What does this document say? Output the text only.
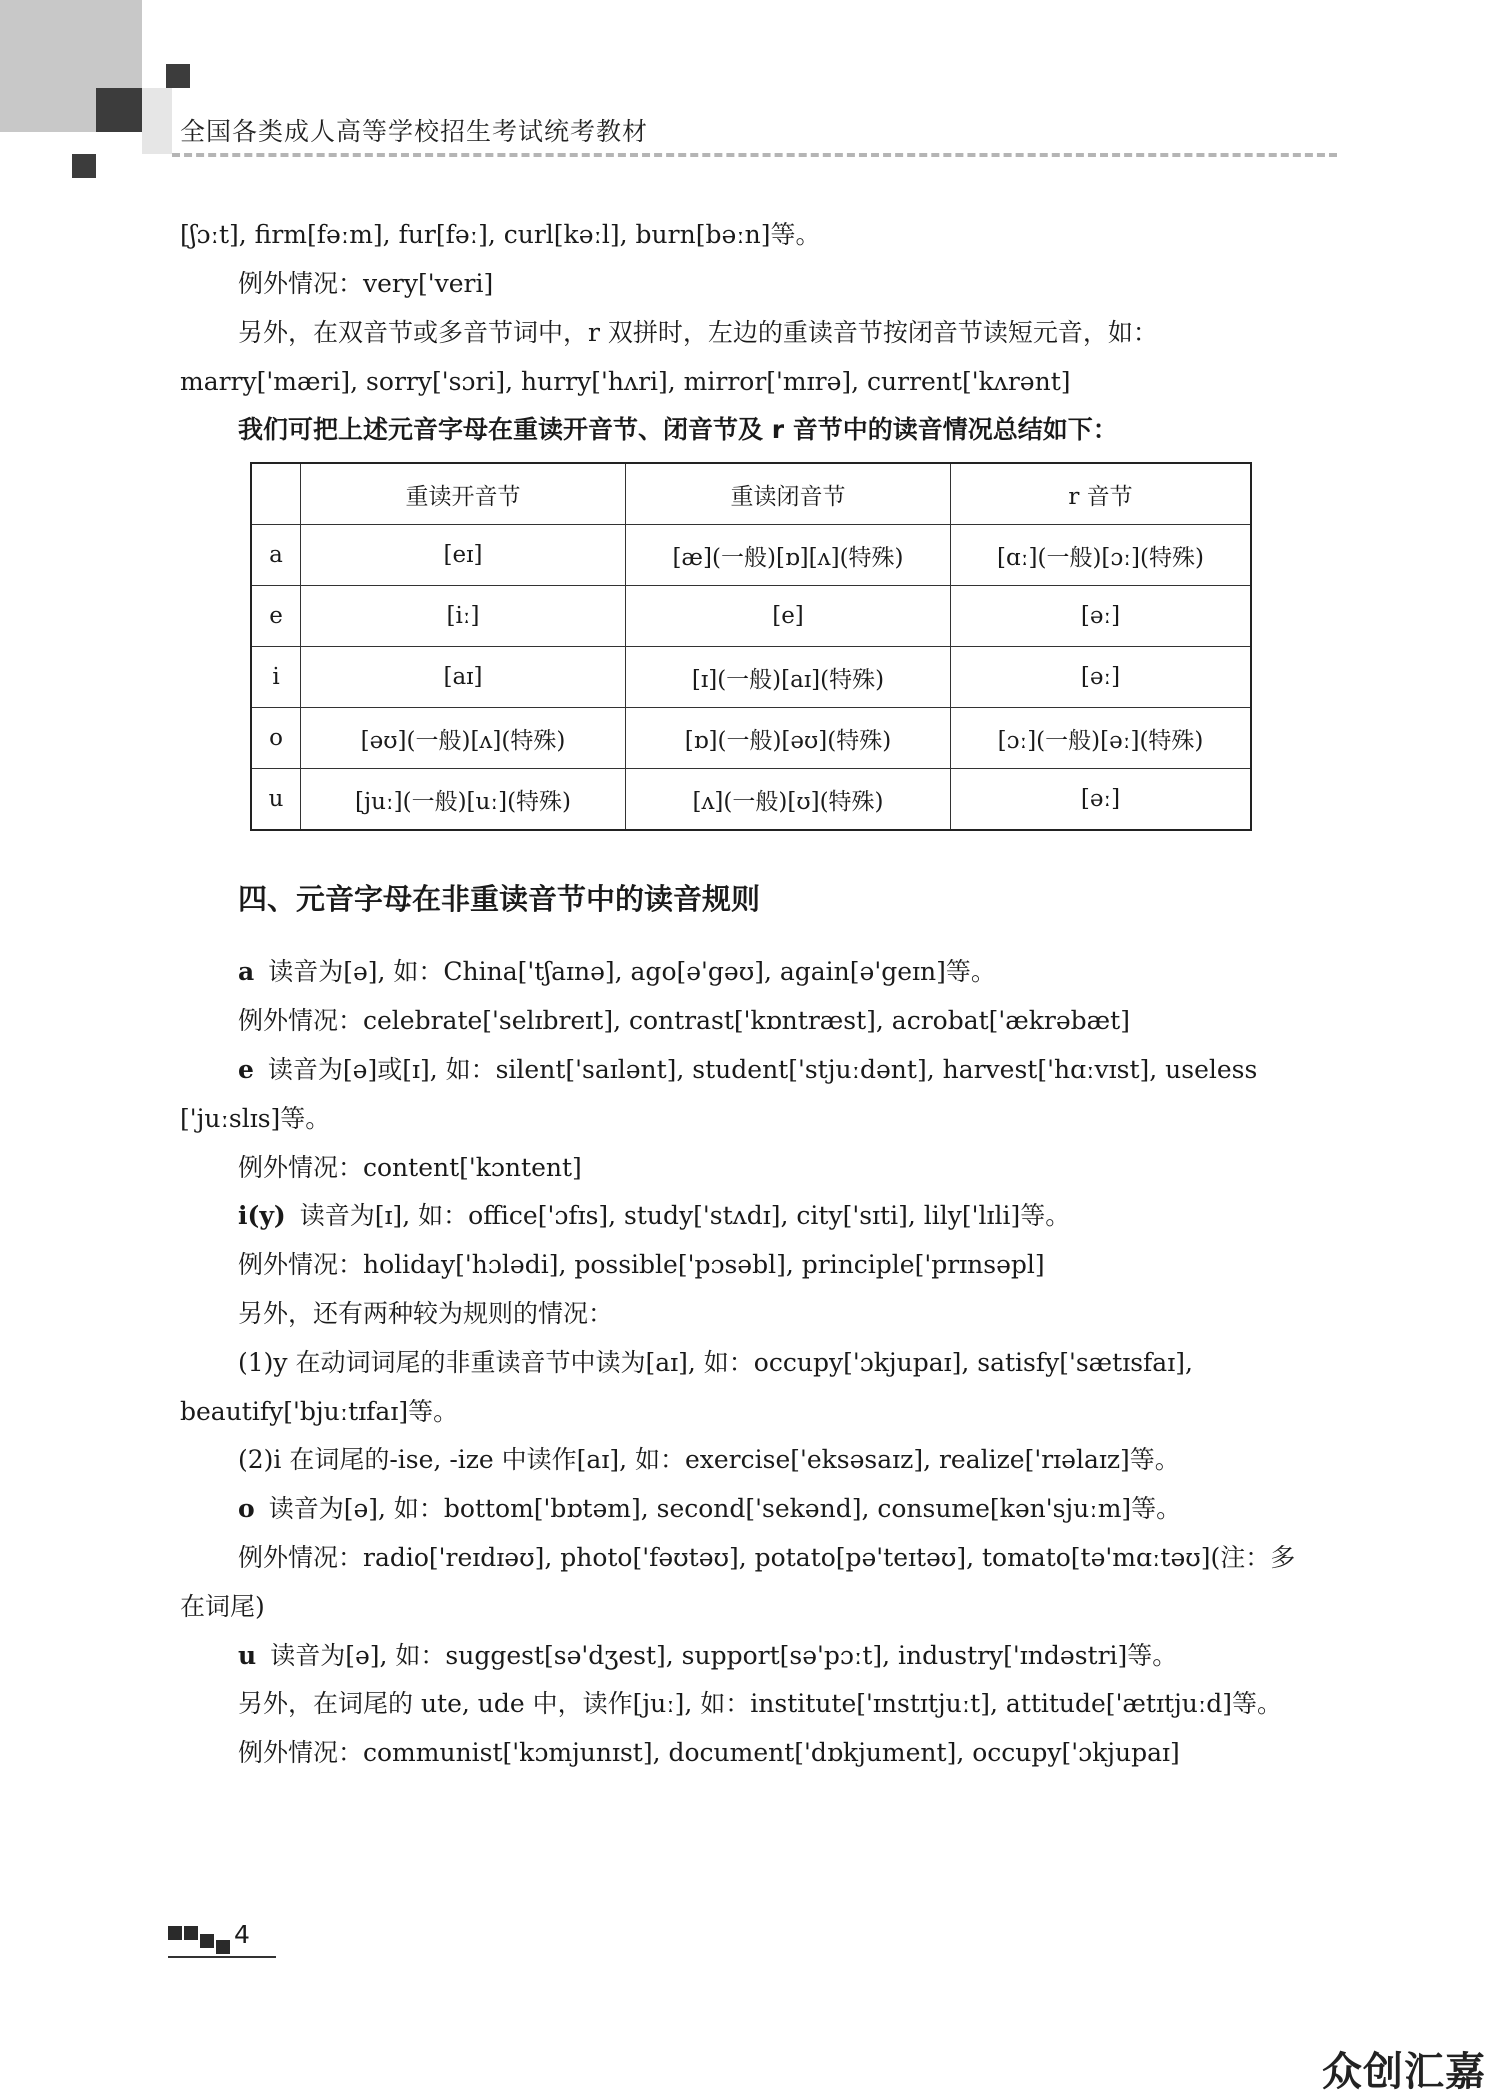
全国各类成人高等学校招生考试统考教材
[ʃɔːt], firm[fəːm], fur[fəː], curl[kəːl], burn[bəːn]等。
例外情况：very['veri]
另外，在双音节或多音节词中，r 双拼时，左边的重读音节按闭音节读短元音，如：
marry['mæri], sorry['sɔri], hurry['hʌri], mirror['mɪrə], current['kʌrənt]
我们可把上述元音字母在重读开音节、闭音节及 r 音节中的读音情况总结如下：
	重读开音节	重读闭音节	r 音节
a	[eɪ]	[æ](一般)[ɒ][ʌ](特殊)	[ɑː](一般)[ɔː](特殊)
e	[iː]	[e]	[əː]
i	[aɪ]	[ɪ](一般)[aɪ](特殊)	[əː]
o	[əʊ](一般)[ʌ](特殊)	[ɒ](一般)[əʊ](特殊)	[ɔː](一般)[əː](特殊)
u	[juː](一般)[uː](特殊)	[ʌ](一般)[ʊ](特殊)	[əː]
四、元音字母在非重读音节中的读音规则
a 读音为[ə], 如：China['tʃaɪnə], ago[ə'gəʊ], again[ə'geɪn]等。
例外情况：celebrate['selɪbreɪt], contrast['kɒntræst], acrobat['ækrəbæt]
e 读音为[ə]或[ɪ], 如：silent['saɪlənt], student['stjuːdənt], harvest['hɑːvɪst], useless
['juːslɪs]等。
例外情况：content['kɔntent]
i(y) 读音为[ɪ], 如：office['ɔfɪs], study['stʌdɪ], city['sɪti], lily['lɪli]等。
例外情况：holiday['hɔlədi], possible['pɔsəbl], principle['prɪnsəpl]
另外，还有两种较为规则的情况：
(1)y 在动词词尾的非重读音节中读为[aɪ], 如：occupy['ɔkjupaɪ], satisfy['sætɪsfaɪ],
beautify['bjuːtɪfaɪ]等。
(2)i 在词尾的-ise, -ize 中读作[aɪ], 如：exercise['eksəsaɪz], realize['rɪəlaɪz]等。
o 读音为[ə], 如：bottom['bɒtəm], second['sekənd], consume[kən'sjuːm]等。
例外情况：radio['reɪdɪəʊ], photo['fəʊtəʊ], potato[pə'teɪtəʊ], tomato[tə'mɑːtəʊ](注：多
在词尾)
u 读音为[ə], 如：suggest[sə'dʒest], support[sə'pɔːt], industry['ɪndəstri]等。
另外，在词尾的 ute, ude 中，读作[juː], 如：institute['ɪnstɪtjuːt], attitude['ætɪtjuːd]等。
例外情况：communist['kɔmjunɪst], document['dɒkjument], occupy['ɔkjupaɪ]
4
众创汇嘉
